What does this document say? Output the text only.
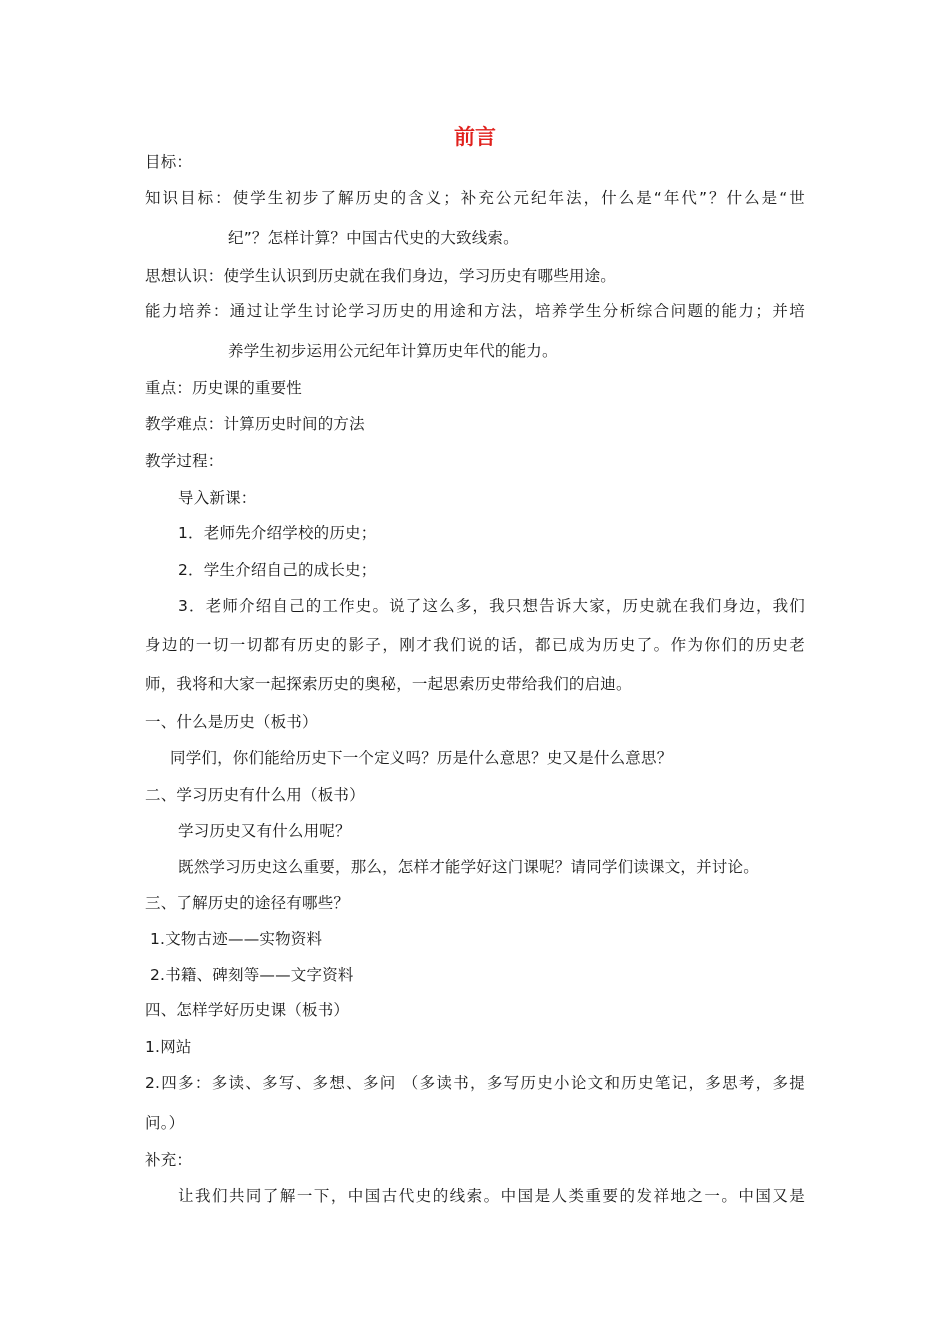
前言
目标：
知识目标：使学生初步了解历史的含义；补充公元纪年法，什么是“年代”？什么是“世
纪”？怎样计算？中国古代史的大致线索。
思想认识：使学生认识到历史就在我们身边，学习历史有哪些用途。
能力培养：通过让学生讨论学习历史的用途和方法，培养学生分析综合问题的能力；并培
养学生初步运用公元纪年计算历史年代的能力。
重点：历史课的重要性
教学难点：计算历史时间的方法
教学过程：
导入新课：
1．老师先介绍学校的历史；
2．学生介绍自己的成长史；
3．老师介绍自己的工作史。说了这么多，我只想告诉大家，历史就在我们身边，我们
身边的一切一切都有历史的影子，刚才我们说的话，都已成为历史了。作为你们的历史老
师，我将和大家一起探索历史的奥秘，一起思索历史带给我们的启迪。
一、什么是历史（板书）
同学们，你们能给历史下一个定义吗？历是什么意思？史又是什么意思？
二、学习历史有什么用（板书）
学习历史又有什么用呢？
既然学习历史这么重要，那么，怎样才能学好这门课呢？请同学们读课文，并讨论。
三、了解历史的途径有哪些？
1.文物古迹——实物资料
2.书籍、碑刻等——文字资料
四、怎样学好历史课（板书）
1.网站
2.四多：多读、多写、多想、多问 （多读书，多写历史小论文和历史笔记，多思考，多提
问。）
补充：
让我们共同了解一下，中国古代史的线索。中国是人类重要的发祥地之一。中国又是
